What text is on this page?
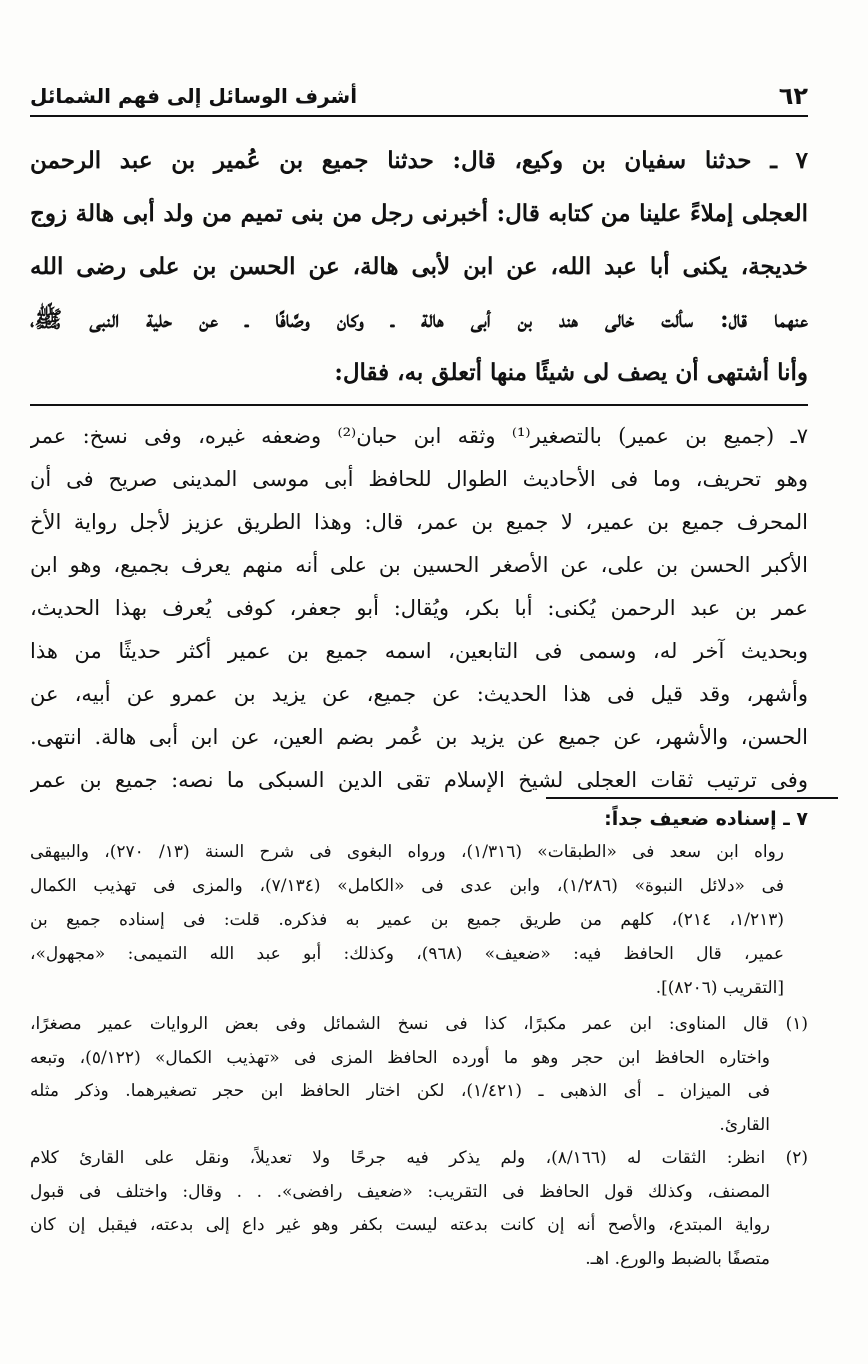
٦٢
أشرف الوسائل إلى فهم الشمائل
٧ ـ حدثنا سفيان بن وكيع، قال: حدثنا جميع بن عُمير بن عبد الرحمن
العجلى إملاءً علينا من كتابه قال: أخبرنى رجل من بنى تميم من ولد أبى هالة زوج
خديجة، يكنى أبا عبد الله، عن ابن لأبى هالة، عن الحسن بن على رضى الله
عنهما قال: سألت خالى هند بن أبى هالة ـ وكان وصَّافًا ـ عن حلية النبى ﷺ،
وأنا أشتهى أن يصف لى شيئًا منها أتعلق به، فقال:
٧ـ (جميع بن عمير) بالتصغير⁽¹⁾ وثقه ابن حبان⁽²⁾ وضعفه غيره، وفى نسخ: عمر
وهو تحريف، وما فى الأحاديث الطوال للحافظ أبى موسى المدينى صريح فى أن
المحرف جميع بن عمير، لا جميع بن عمر، قال: وهذا الطريق عزيز لأجل رواية الأخ
الأكبر الحسن بن على، عن الأصغر الحسين بن على أنه منهم يعرف بجميع، وهو ابن
عمر بن عبد الرحمن يُكنى: أبا بكر، ويُقال: أبو جعفر، كوفى يُعرف بهذا الحديث،
وبحديث آخر له، وسمى فى التابعين، اسمه جميع بن عمير أكثر حديثًا من هذا
وأشهر، وقد قيل فى هذا الحديث: عن جميع، عن يزيد بن عمرو عن أبيه، عن
الحسن، والأشهر، عن جميع عن يزيد بن عُمر بضم العين، عن ابن أبى هالة. انتهى.
وفى ترتيب ثقات العجلى لشيخ الإسلام تقى الدين السبكى ما نصه: جميع بن عمر
٧ ـ إسناده ضعيف جداً:
رواه ابن سعد فى «الطبقات» (١/٣١٦)، ورواه البغوى فى شرح السنة (١٣/ ٢٧٠)، والبيهقى
فى «دلائل النبوة» (١/٢٨٦)، وابن عدى فى «الكامل» (٧/١٣٤)، والمزى فى تهذيب الكمال
(١/٢١٣، ٢١٤)، كلهم من طريق جميع بن عمير به فذكره. قلت: فى إسناده جميع بن
عمير، قال الحافظ فيه: «ضعيف» (٩٦٨)، وكذلك: أبو عبد الله التميمى: «مجهول»،
[التقريب (٨٢٠٦)].
(١) قال المناوى: ابن عمر مكبرًا، كذا فى نسخ الشمائل وفى بعض الروايات عمير مصغرًا،
واختاره الحافظ ابن حجر وهو ما أورده الحافظ المزى فى «تهذيب الكمال» (٥/١٢٢)، وتبعه
فى الميزان ـ أى الذهبى ـ (١/٤٢١)، لكن اختار الحافظ ابن حجر تصغيرهما. وذكر مثله
القارئ.
(٢) انظر: الثقات له (٨/١٦٦)، ولم يذكر فيه جرحًا ولا تعديلاً، ونقل على القارئ كلام
المصنف، وكذلك قول الحافظ فى التقريب: «ضعيف رافضى». . . وقال: واختلف فى قبول
رواية المبتدع، والأصح أنه إن كانت بدعته ليست بكفر وهو غير داع إلى بدعته، فيقبل إن كان
متصفًا بالضبط والورع. اهـ.
